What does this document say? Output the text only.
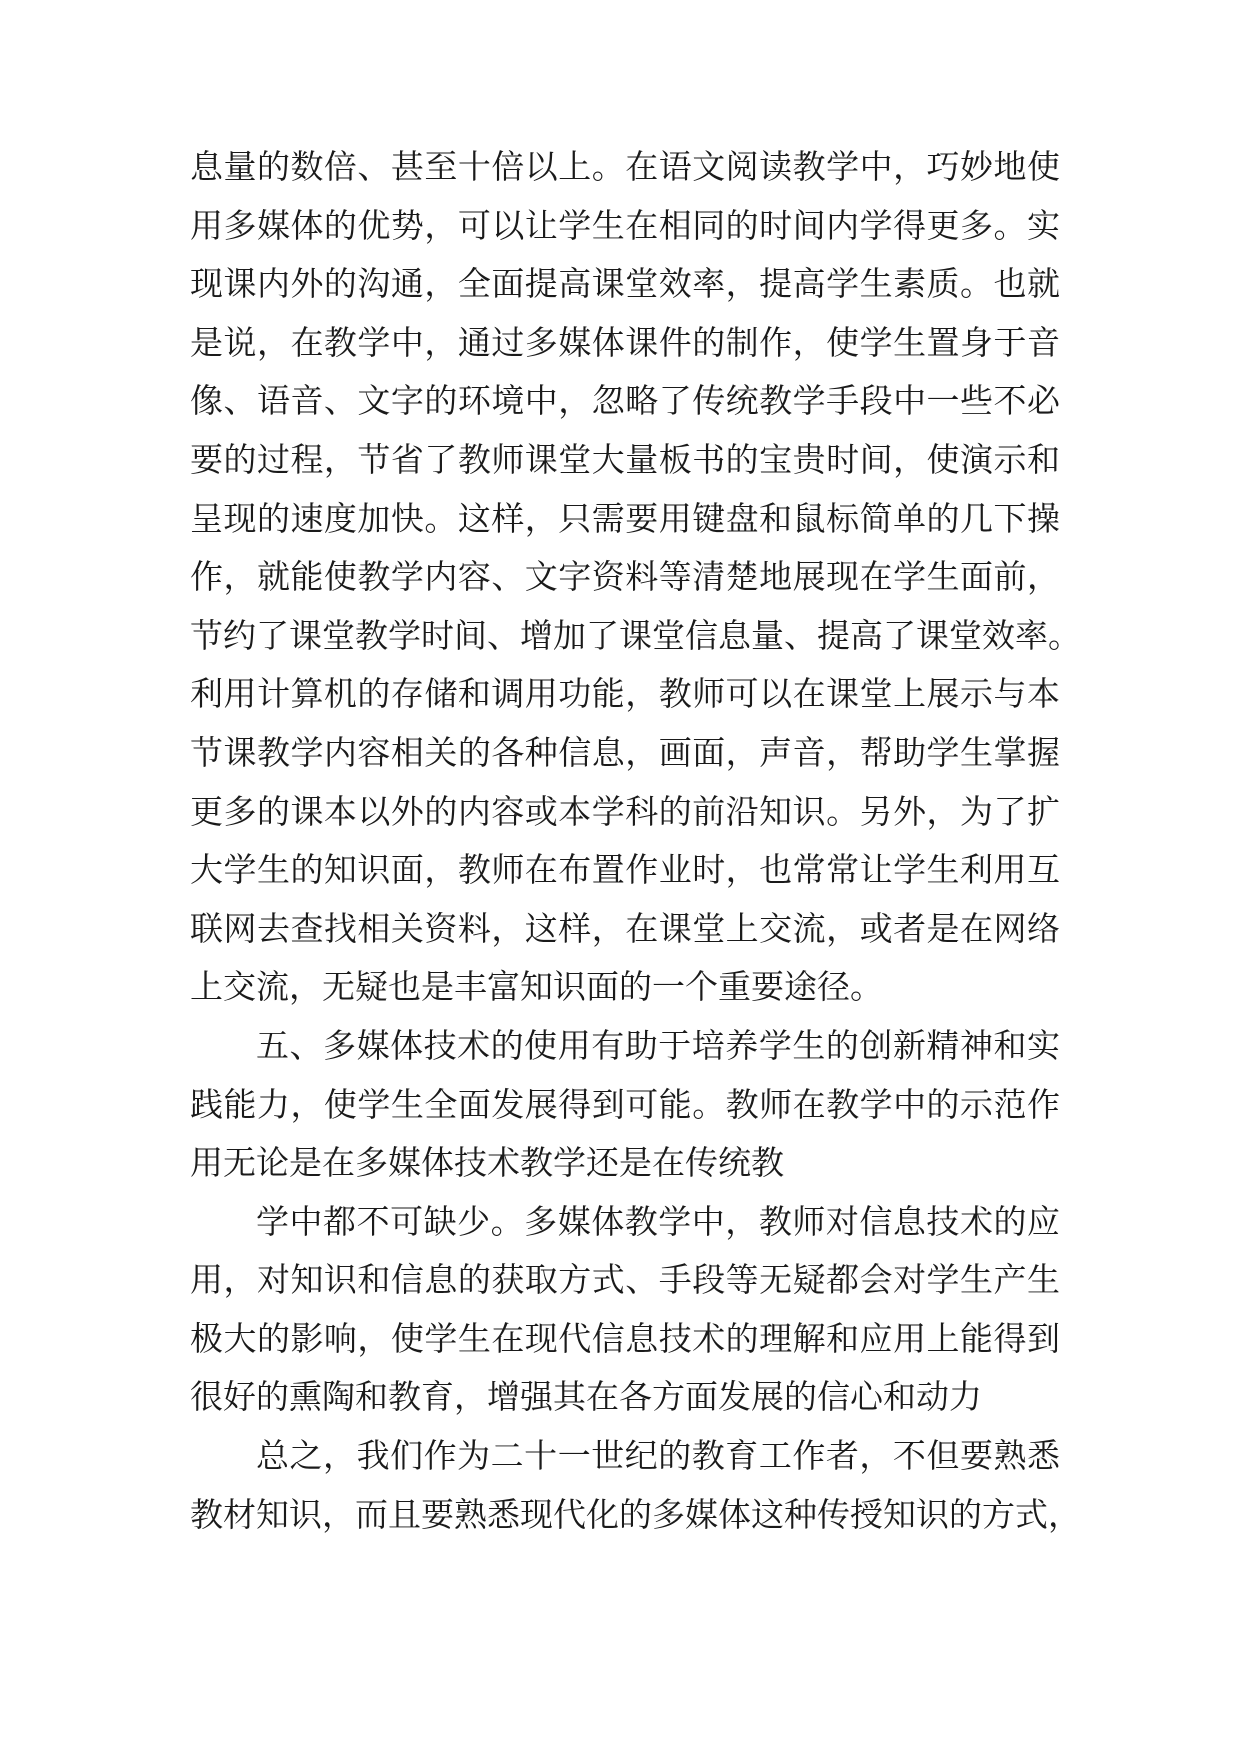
息量的数倍、甚至十倍以上。在语文阅读教学中，巧妙地使
用多媒体的优势，可以让学生在相同的时间内学得更多。实
现课内外的沟通，全面提高课堂效率，提高学生素质。也就
是说，在教学中，通过多媒体课件的制作，使学生置身于音
像、语音、文字的环境中，忽略了传统教学手段中一些不必
要的过程，节省了教师课堂大量板书的宝贵时间，使演示和
呈现的速度加快。这样，只需要用键盘和鼠标简单的几下操
作，就能使教学内容、文字资料等清楚地展现在学生面前，
节约了课堂教学时间、增加了课堂信息量、提高了课堂效率。
利用计算机的存储和调用功能，教师可以在课堂上展示与本
节课教学内容相关的各种信息，画面，声音，帮助学生掌握
更多的课本以外的内容或本学科的前沿知识。另外，为了扩
大学生的知识面，教师在布置作业时，也常常让学生利用互
联网去查找相关资料，这样，在课堂上交流，或者是在网络
上交流，无疑也是丰富知识面的一个重要途径。
五、多媒体技术的使用有助于培养学生的创新精神和实
践能力，使学生全面发展得到可能。教师在教学中的示范作
用无论是在多媒体技术教学还是在传统教
学中都不可缺少。多媒体教学中，教师对信息技术的应
用，对知识和信息的获取方式、手段等无疑都会对学生产生
极大的影响，使学生在现代信息技术的理解和应用上能得到
很好的熏陶和教育，增强其在各方面发展的信心和动力
总之，我们作为二十一世纪的教育工作者，不但要熟悉
教材知识，而且要熟悉现代化的多媒体这种传授知识的方式，
